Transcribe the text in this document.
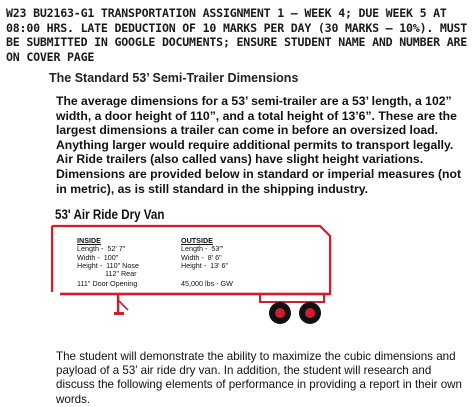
W23 BU2163-G1 TRANSPORTATION ASSIGNMENT 1 – WEEK 4; DUE WEEK 5 AT 08:00 HRS. LATE DEDUCTION OF 10 MARKS PER DAY (30 MARKS – 10%). MUST BE SUBMITTED IN GOOGLE DOCUMENTS; ENSURE STUDENT NAME AND NUMBER ARE ON COVER PAGE
The Standard 53’ Semi-Trailer Dimensions
The average dimensions for a 53’ semi-trailer are a 53’ length, a 102” width, a door height of 110”, and a total height of 13’6”. These are the largest dimensions a trailer can come in before an oversized load. Anything larger would require additional permits to transport legally. Air Ride trailers (also called vans) have slight height variations. Dimensions are provided below in standard or imperial measures (not in metric), as is still standard in the shipping industry.
53' Air Ride Dry Van
INSIDE
Length -  52' 7"
Width -  100"
Height -  110" Nose
112" Rear
111" Door Opening
OUTSIDE
Length -  53'"
Width -  8' 6"
Height -  13' 6"
45,000 lbs - GW
The student will demonstrate the ability to maximize the cubic dimensions and payload of a 53’ air ride dry van. In addition, the student will research and discuss the following elements of performance in providing a report in their own words.
